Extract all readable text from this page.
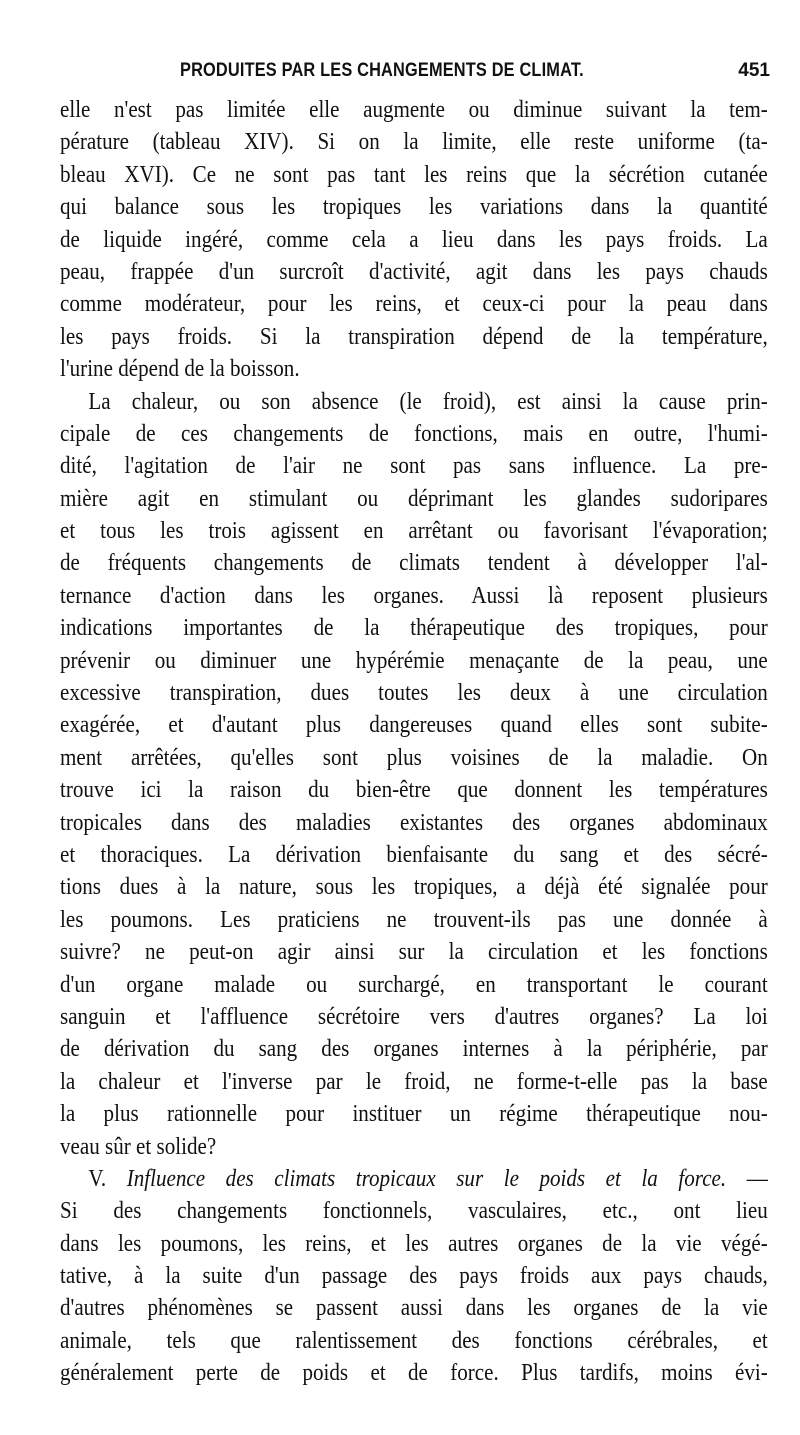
PRODUITES PAR LES CHANGEMENTS DE CLIMAT.	451
elle n'est pas limitée elle augmente ou diminue suivant la tem-
pérature (tableau XIV). Si on la limite, elle reste uniforme (ta-
bleau XVI). Ce ne sont pas tant les reins que la sécrétion cutanée
qui balance sous les tropiques les variations dans la quantité
de liquide ingéré, comme cela a lieu dans les pays froids. La
peau, frappée d'un surcroît d'activité, agit dans les pays chauds
comme modérateur, pour les reins, et ceux-ci pour la peau dans
les pays froids. Si la transpiration dépend de la température,
l'urine dépend de la boisson.
La chaleur, ou son absence (le froid), est ainsi la cause prin-
cipale de ces changements de fonctions, mais en outre, l'humi-
dité, l'agitation de l'air ne sont pas sans influence. La pre-
mière agit en stimulant ou déprimant les glandes sudoripares
et tous les trois agissent en arrêtant ou favorisant l'évaporation;
de fréquents changements de climats tendent à développer l'al-
ternance d'action dans les organes. Aussi là reposent plusieurs
indications importantes de la thérapeutique des tropiques, pour
prévenir ou diminuer une hypérémie menaçante de la peau, une
excessive transpiration, dues toutes les deux à une circulation
exagérée, et d'autant plus dangereuses quand elles sont subite-
ment arrêtées, qu'elles sont plus voisines de la maladie. On
trouve ici la raison du bien-être que donnent les températures
tropicales dans des maladies existantes des organes abdominaux
et thoraciques. La dérivation bienfaisante du sang et des sécré-
tions dues à la nature, sous les tropiques, a déjà été signalée pour
les poumons. Les praticiens ne trouvent-ils pas une donnée à
suivre? ne peut-on agir ainsi sur la circulation et les fonctions
d'un organe malade ou surchargé, en transportant le courant
sanguin et l'affluence sécrétoire vers d'autres organes? La loi
de dérivation du sang des organes internes à la périphérie, par
la chaleur et l'inverse par le froid, ne forme-t-elle pas la base
la plus rationnelle pour instituer un régime thérapeutique nou-
veau sûr et solide?
V. Influence des climats tropicaux sur le poids et la force. —
Si des changements fonctionnels, vasculaires, etc., ont lieu
dans les poumons, les reins, et les autres organes de la vie végé-
tative, à la suite d'un passage des pays froids aux pays chauds,
d'autres phénomènes se passent aussi dans les organes de la vie
animale, tels que ralentissement des fonctions cérébrales, et
généralement perte de poids et de force. Plus tardifs, moins évi-
